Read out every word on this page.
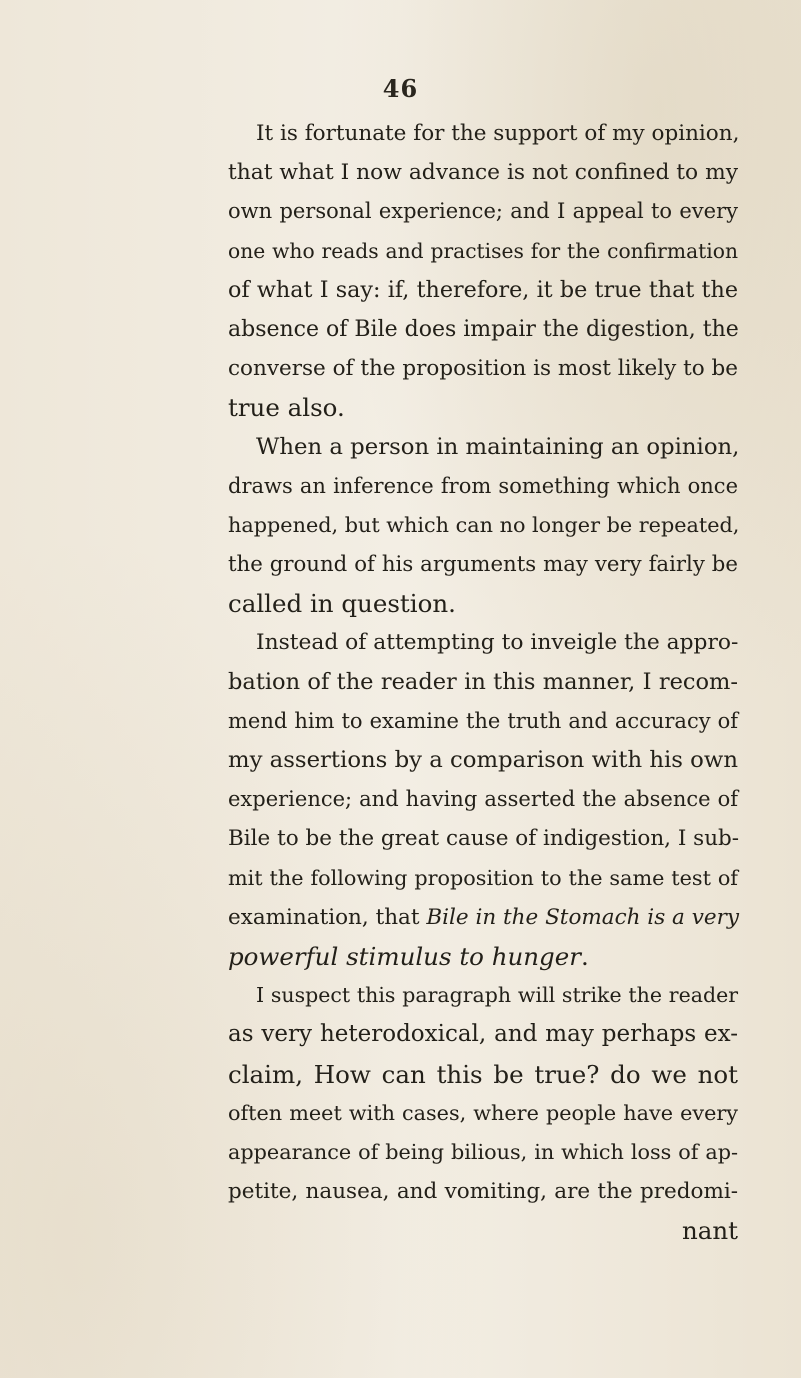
46
It is fortunate for the support of my opinion,
that what I now advance is not confined to my
own personal experience; and I appeal to every
one who reads and practises for the confirmation
of what I say: if, therefore, it be true that the
absence of Bile does impair the digestion, the
converse of the proposition is most likely to be
true also.
When a person in maintaining an opinion,
draws an inference from something which once
happened, but which can no longer be repeated,
the ground of his arguments may very fairly be
called in question.
Instead of attempting to inveigle the appro-
bation of the reader in this manner, I recom-
mend him to examine the truth and accuracy of
my assertions by a comparison with his own
experience; and having asserted the absence of
Bile to be the great cause of indigestion, I sub-
mit the following proposition to the same test of
examination, that Bile in the Stomach is a very
powerful stimulus to hunger.
I suspect this paragraph will strike the reader
as very heterodoxical, and may perhaps ex-
claim, How can this be true? do we not
often meet with cases, where people have every
appearance of being bilious, in which loss of ap-
petite, nausea, and vomiting, are the predomi-
nant
